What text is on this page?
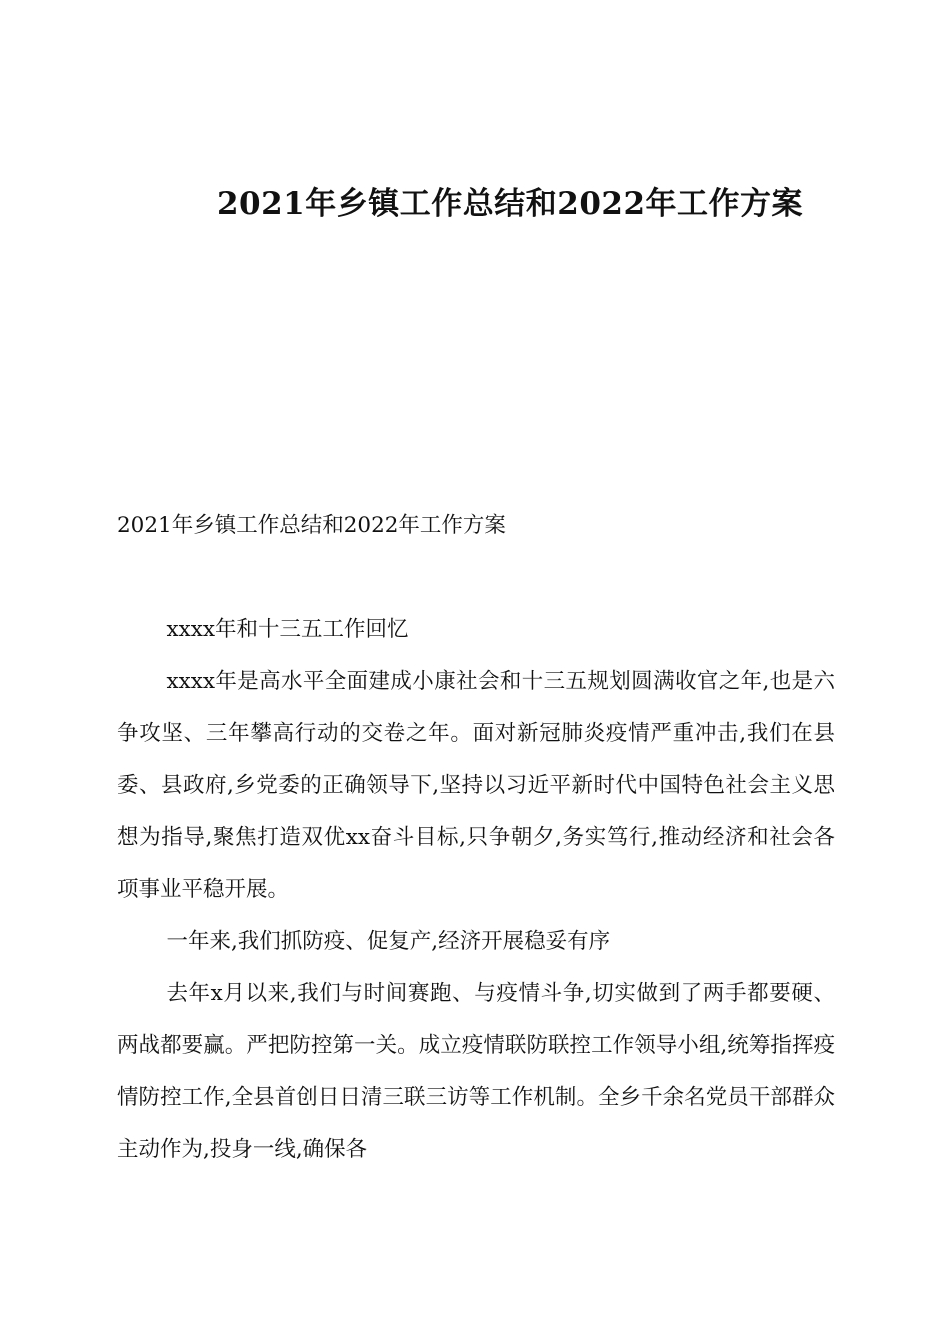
2021年乡镇工作总结和2022年工作方案

2021年乡镇工作总结和2022年工作方案

xxxx年和十三五工作回忆

xxxx年是高水平全面建成小康社会和十三五规划圆满收官之年,也是六争攻坚、三年攀高行动的交卷之年。面对新冠肺炎疫情严重冲击,我们在县委、县政府,乡党委的正确领导下,坚持以习近平新时代中国特色社会主义思想为指导,聚焦打造双优xx奋斗目标,只争朝夕,务实笃行,推动经济和社会各项事业平稳开展。

一年来,我们抓防疫、促复产,经济开展稳妥有序

去年x月以来,我们与时间赛跑、与疫情斗争,切实做到了两手都要硬、两战都要赢。严把防控第一关。成立疫情联防联控工作领导小组,统筹指挥疫情防控工作,全县首创日日清三联三访等工作机制。全乡千余名党员干部群众主动作为,投身一线,确保各
